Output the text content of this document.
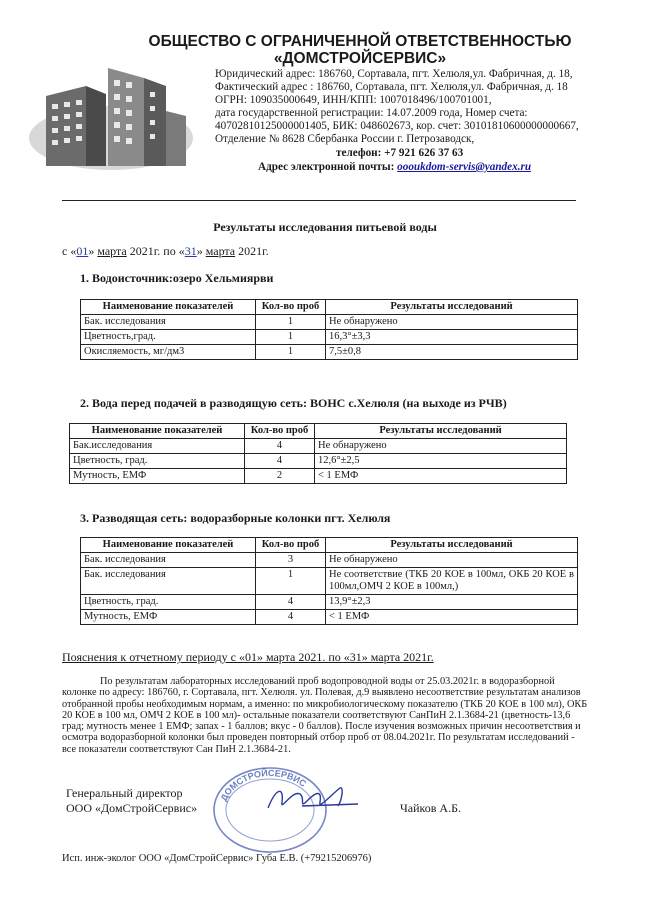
ОБЩЕСТВО С ОГРАНИЧЕННОЙ ОТВЕТСТВЕННОСТЬЮ
«ДОМСТРОЙСЕРВИС»
Юридический адрес: 186760, Сортавала, пгт. Хелюля,ул. Фабричная, д. 18,
Фактический адрес : 186760, Сортавала, пгт. Хелюля,ул. Фабричная, д. 18
ОГРН: 109035000649, ИНН/КПП: 1007018496/100701001,
дата государственной регистрации: 14.07.2009 года, Номер счета:
40702810125000001405, БИК: 048602673, кор. счет: 30101810600000000667,
Отделение № 8628 Сбербанка России г. Петрозаводск,
телефон: +7 921 626 37 63
Адрес электронной почты: oooukdom-servis@yandex.ru
Результаты исследования питьевой воды
с «01» марта 2021г. по «31» марта 2021г.
1. Водоисточник:озеро Хельмиярви
Наименование показателей	Кол-во проб	Результаты исследований
Бак. исследования	1	Не обнаружено
Цветность,град.	1	16,3°±3,3
Окисляемость, мг/дм3	1	7,5±0,8
2. Вода перед подачей в разводящую сеть: ВОНС с.Хелюля (на выходе из РЧВ)
Наименование показателей	Кол-во проб	Результаты исследований
Бак.исследования	4	Не обнаружено
Цветность, град.	4	12,6°±2,5
Мутность, ЕМФ	2	< 1 ЕМФ
3. Разводящая сеть: водоразборные колонки пгт. Хелюля
Наименование показателей	Кол-во проб	Результаты исследований
Бак. исследования	3	Не обнаружено
Бак. исследования	1	Не соответствие (ТКБ 20 КОЕ в 100мл, ОКБ 20 КОЕ в 100мл,ОМЧ 2 КОЕ в 100мл,)
Цветность, град.	4	13,9°±2,3
Мутность, ЕМФ	4	< 1 ЕМФ
Пояснения к отчетному периоду с «01» марта 2021. по «31» марта 2021г.

По результатам лабораторных исследований проб водопроводной воды от 25.03.2021г. в водоразборной колонке по адресу: 186760, г. Сортавала, пгт. Хелюля. ул. Полевая, д.9 выявлено несоответствие результатам анализов отобранной пробы необходимым нормам, а именно: по микробиологическому показателю (ТКБ 20 КОЕ в 100 мл), ОКБ 20 КОЕ в 100 мл, ОМЧ 2 КОЕ в 100 мл)- остальные показатели соответствуют СанПиН 2.1.3684-21 (цветность-13,6 град; мутность менее 1 ЕМФ; запах - 1 баллов; вкус - 0 баллов). После изучения возможных причин несоответствия и осмотра водоразборной колонки был проведен повторный отбор проб от 08.04.2021г. По результатам исследований - все показатели соответствуют Сан ПиН 2.1.3684-21.

ДОМСТРОЙСЕРВИС
Генеральный директор
ООО «ДомСтройСервис»	Чайков А.Б.
Исп. инж-эколог ООО «ДомСтройСервис» Губа Е.В. (+79215206976)
